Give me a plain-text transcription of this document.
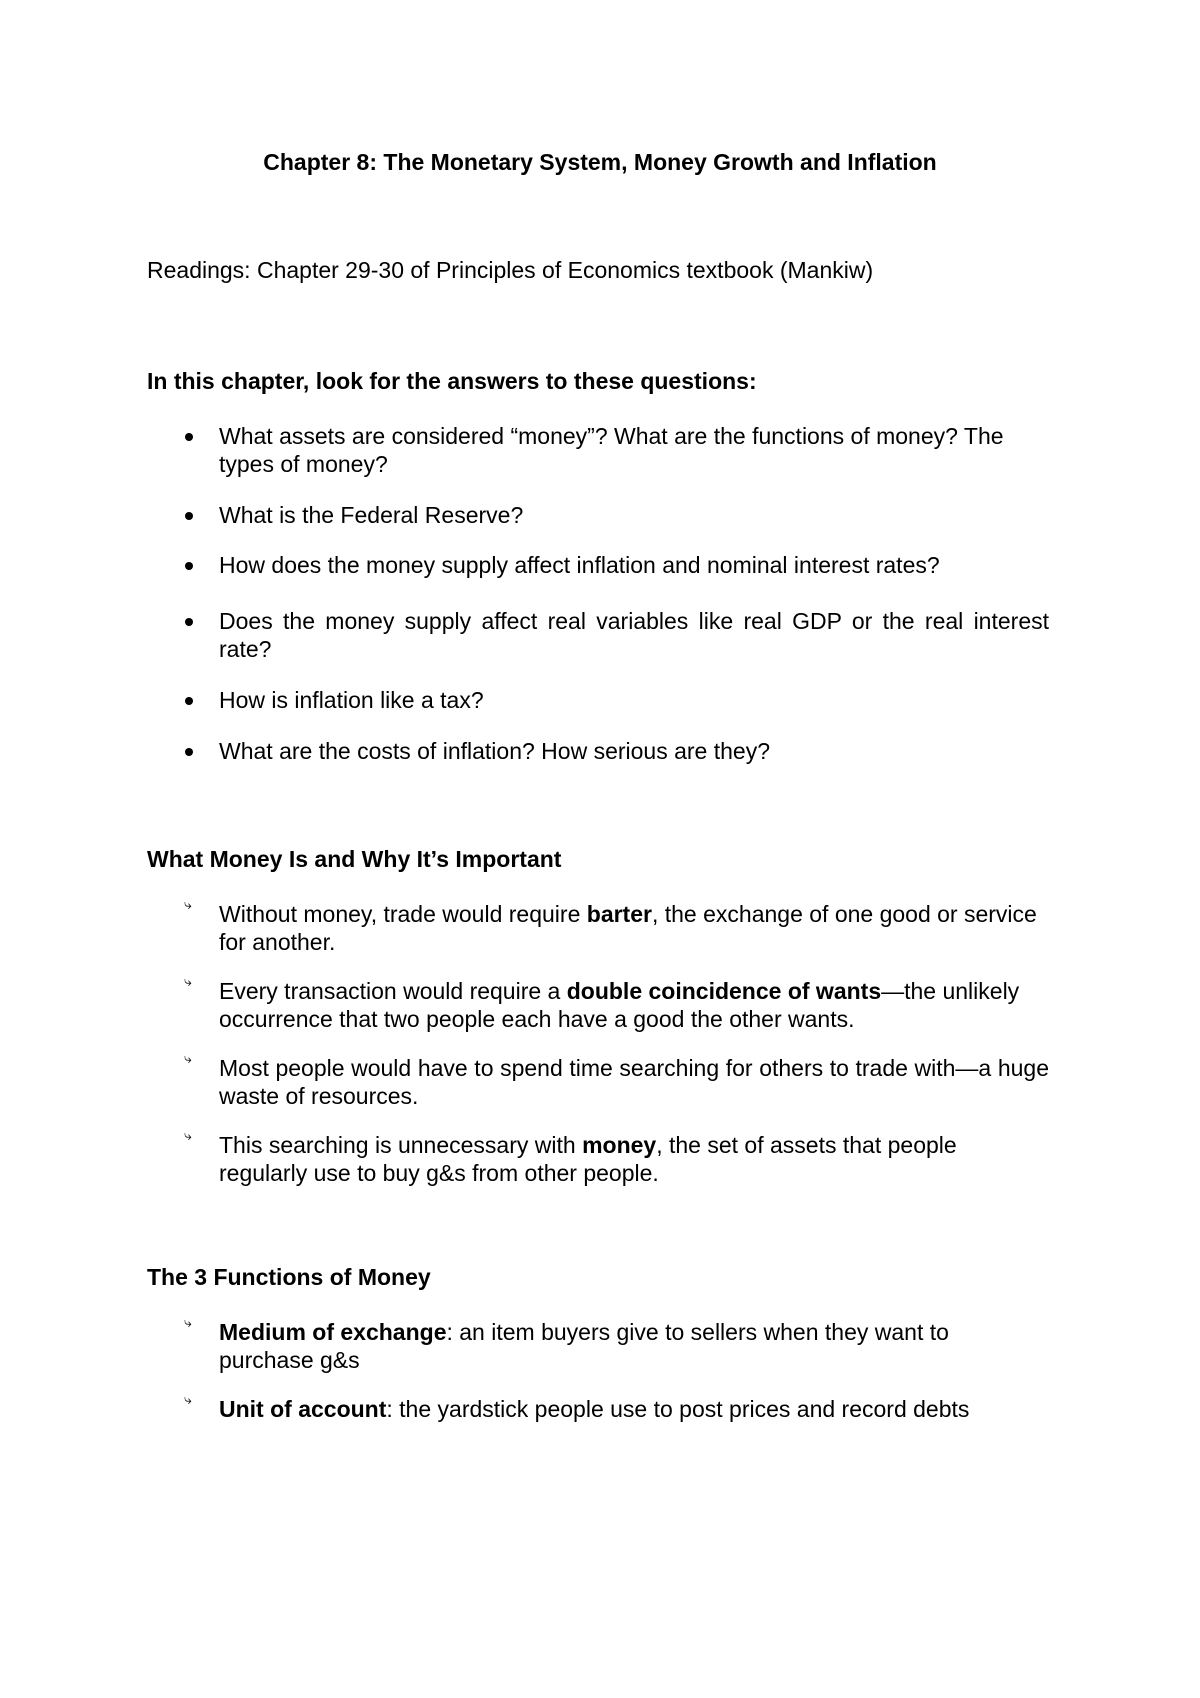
Chapter 8: The Monetary System, Money Growth and Inflation
Readings: Chapter 29-30 of Principles of Economics textbook (Mankiw)
In this chapter, look for the answers to these questions:
What assets are considered “money”? What are the functions of money? The types of money?
What is the Federal Reserve?
How does the money supply affect inflation and nominal interest rates?
Does the money supply affect real variables like real GDP or the real interest rate?
How is inflation like a tax?
What are the costs of inflation? How serious are they?
What Money Is and Why It’s Important
⤷	Without money, trade would require barter, the exchange of one good or service for another.
⤷	Every transaction would require a double coincidence of wants—the unlikely occurrence that two people each have a good the other wants.
⤷	Most people would have to spend time searching for others to trade with—a huge waste of resources.
⤷	This searching is unnecessary with money, the set of assets that people regularly use to buy g&s from other people.
The 3 Functions of Money
⤷	Medium of exchange: an item buyers give to sellers when they want to purchase g&s
⤷	Unit of account: the yardstick people use to post prices and record debts
